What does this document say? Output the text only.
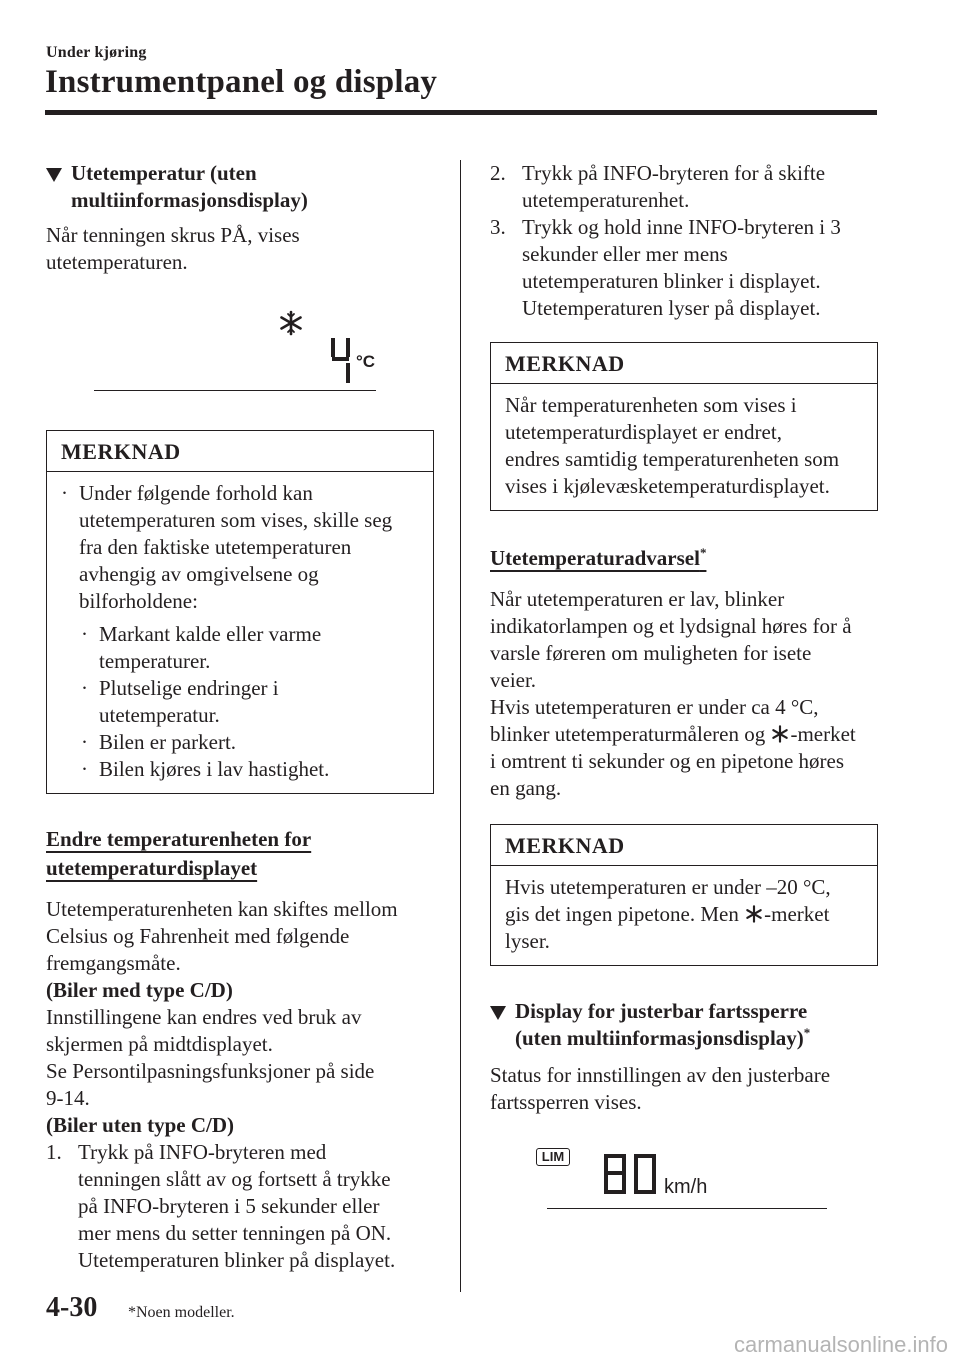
Under kjøring
Instrumentpanel og display
Utetemperatur (uten
multiinformasjonsdisplay)
Når tenningen skrus PÅ, vises
utetemperaturen.
°C
MERKNAD
· Under følgende forhold kan
utetemperaturen som vises, skille seg
fra den faktiske utetemperaturen
avhengig av omgivelsene og
bilforholdene:
· Markant kalde eller varme
temperaturer.
· Plutselige endringer i
utetemperatur.
· Bilen er parkert.
· Bilen kjøres i lav hastighet.
Endre temperaturenheten for
utetemperaturdisplayet
Utetemperaturenheten kan skiftes mellom
Celsius og Fahrenheit med følgende
fremgangsmåte.
(Biler med type C/D)
Innstillingene kan endres ved bruk av
skjermen på midtdisplayet.
Se Persontilpasningsfunksjoner på side
9-14.
(Biler uten type C/D)
1. Trykk på INFO-bryteren med
tenningen slått av og fortsett å trykke
på INFO-bryteren i 5 sekunder eller
mer mens du setter tenningen på ON.
Utetemperaturen blinker på displayet.
2. Trykk på INFO-bryteren for å skifte
utetemperaturenhet.
3. Trykk og hold inne INFO-bryteren i 3
sekunder eller mer mens
utetemperaturen blinker i displayet.
Utetemperaturen lyser på displayet.
MERKNAD
Når temperaturenheten som vises i
utetemperaturdisplayet er endret,
endres samtidig temperaturenheten som
vises i kjølevæsketemperaturdisplayet.
Utetemperaturadvarsel*
Når utetemperaturen er lav, blinker
indikatorlampen og et lydsignal høres for å
varsle føreren om muligheten for isete
veier.
Hvis utetemperaturen er under ca 4 °C,
blinker utetemperaturmåleren og -merket
i omtrent ti sekunder og en pipetone høres
en gang.
MERKNAD
Hvis utetemperaturen er under –20 °C,
gis det ingen pipetone. Men -merket
lyser.
Display for justerbar fartssperre
(uten multiinformasjonsdisplay)*
Status for innstillingen av den justerbare
fartssperren vises.
LIM
km/h
4-30 *Noen modeller.
carmanualsonline.info
